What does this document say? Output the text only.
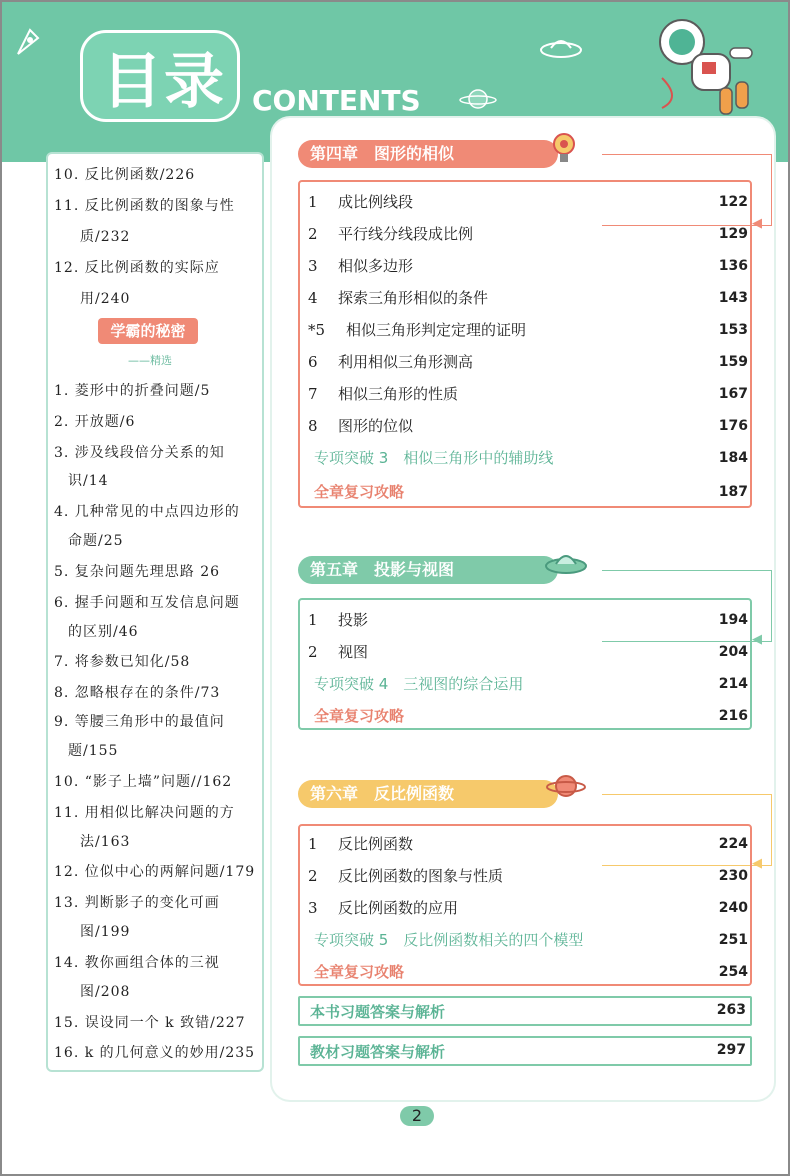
目录 CONTENTS
10. 反比例函数/226
11. 反比例函数的图象与性
质/232
12. 反比例函数的实际应
用/240
学霸的秘密
——精选
1. 菱形中的折叠问题/5
2. 开放题/6
3. 涉及线段倍分关系的知
识/14
4. 几种常见的中点四边形的
命题/25
5. 复杂问题先理思路 26
6. 握手问题和互发信息问题
的区别/46
7. 将参数已知化/58
8. 忽略根存在的条件/73
9. 等腰三角形中的最值问
题/155
10. “影子上墙”问题//162
11. 用相似比解决问题的方
法/163
12. 位似中心的两解问题/179
13. 判断影子的变化可画
图/199
14. 教你画组合体的三视
图/208
15. 误设同一个 k 致错/227
16. k 的几何意义的妙用/235
第四章　图形的相似
◀
1	成比例线段	122
2	平行线分线段成比例	129
3	相似多边形	136
4	探索三角形相似的条件	143
*5	相似三角形判定定理的证明	153
6	利用相似三角形测高	159
7	相似三角形的性质	167
8	图形的位似	176
专项突破 3　相似三角形中的辅助线	184
全章复习攻略	187
第五章　投影与视图
◀
1	投影	194
2	视图	204
专项突破 4　三视图的综合运用	214
全章复习攻略	216
第六章　反比例函数
◀
1	反比例函数	224
2	反比例函数的图象与性质	230
3	反比例函数的应用	240
专项突破 5　反比例函数相关的四个模型	251
全章复习攻略	254
本书习题答案与解析	263
教材习题答案与解析	297
2
